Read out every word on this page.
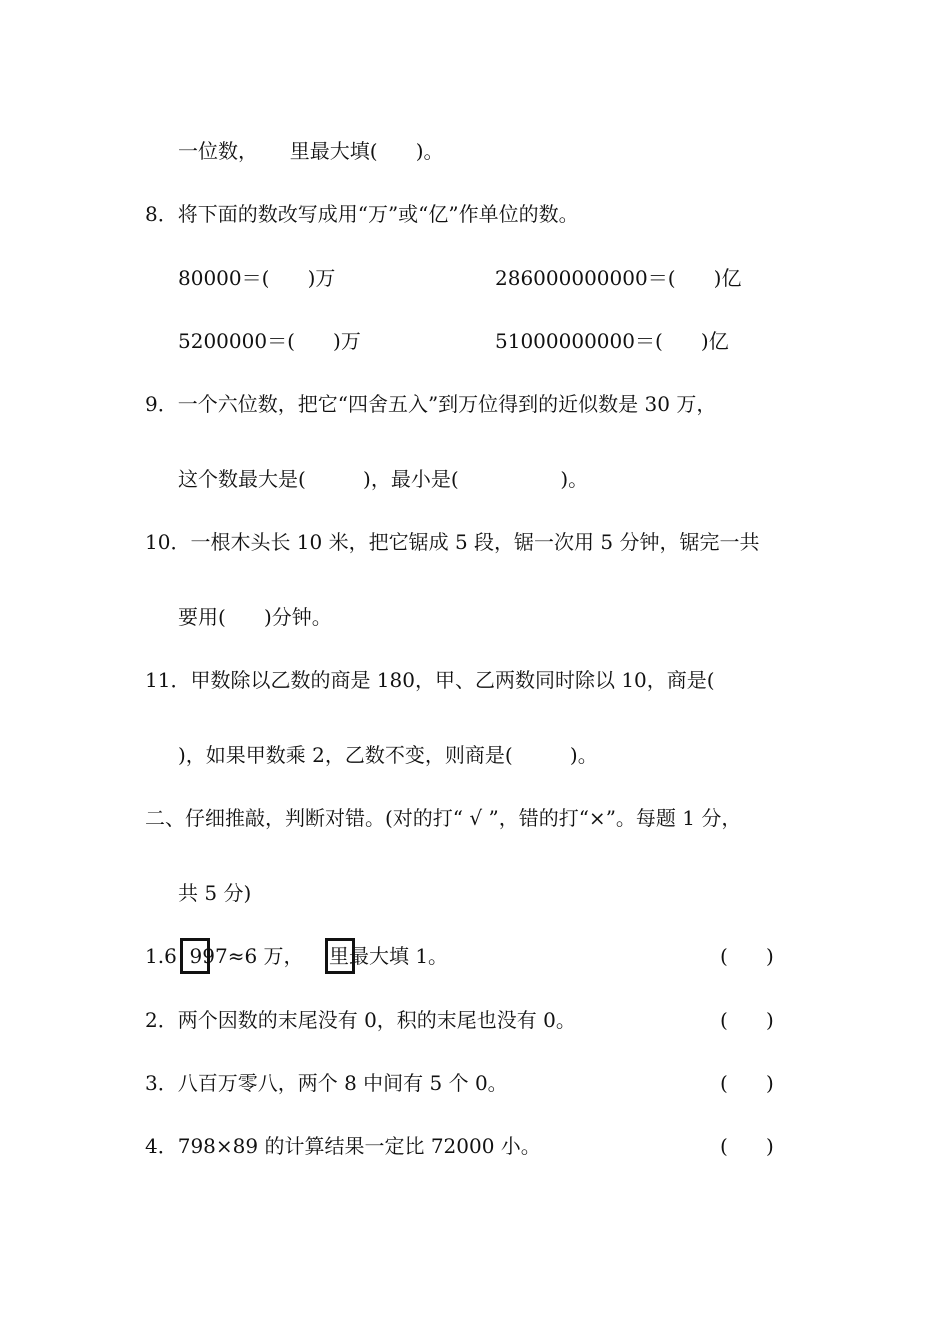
一位数，     里最大填(      )。
8．将下面的数改写成用“万”或“亿”作单位的数。
80000＝(      )万	286000000000＝(      )亿
5200000＝(      )万	51000000000＝(      )亿
9．一个六位数，把它“四舍五入”到万位得到的近似数是 30 万，
这个数最大是(         )，最小是(                )。
10．一根木头长 10 米，把它锯成 5 段，锯一次用 5 分钟，锯完一共
要用(      )分钟。
11．甲数除以乙数的商是 180，甲、乙两数同时除以 10，商是(
)，如果甲数乘 2，乙数不变，则商是(         )。
二、仔细推敲，判断对错。(对的打“ √ ”，错的打“×”。每题 1 分，
共 5 分)
1.6  997≈6 万，    里最大填 1。	(      )
2．两个因数的末尾没有 0，积的末尾也没有 0。	(      )
3．八百万零八，两个 8 中间有 5 个 0。	(      )
4．798×89 的计算结果一定比 72000 小。	(      )
